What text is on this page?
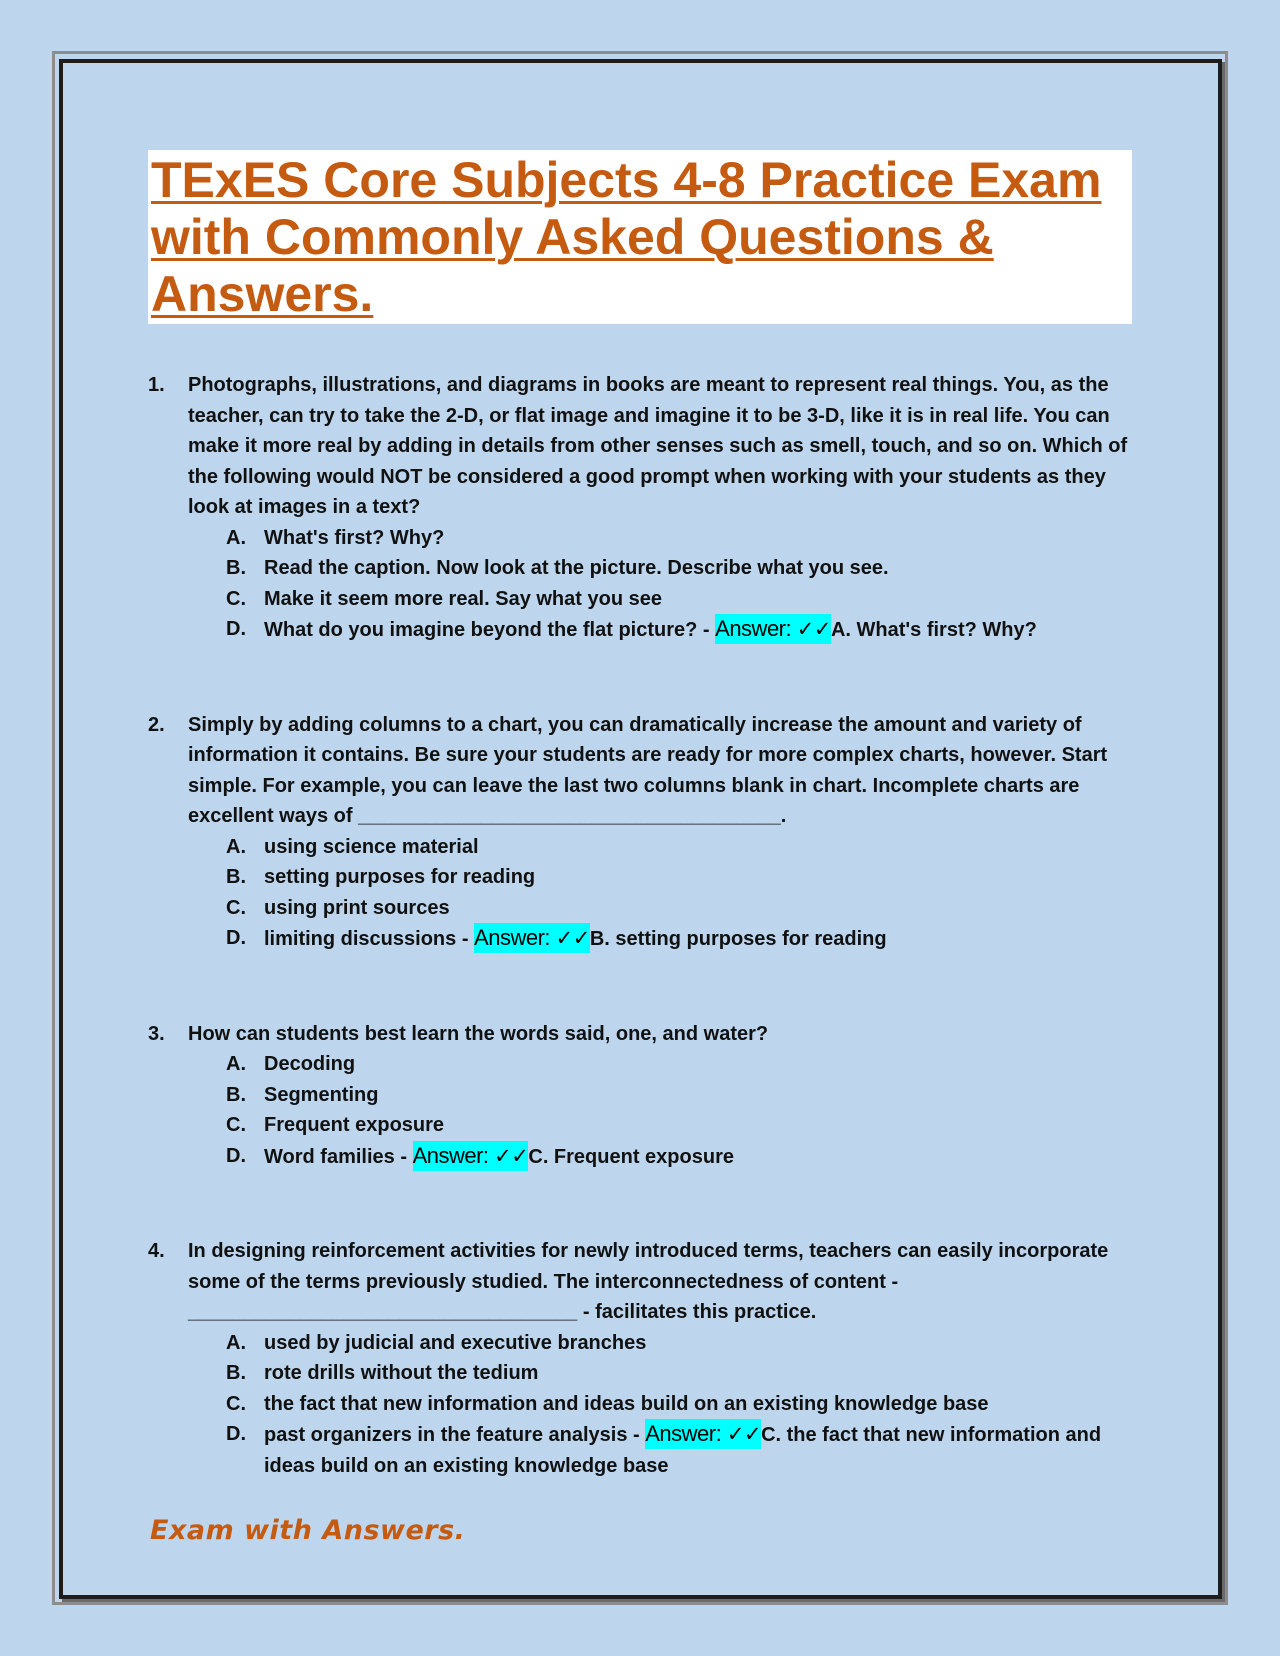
TExES Core Subjects 4-8 Practice Exam with Commonly Asked Questions & Answers.
1.	Photographs, illustrations, and diagrams in books are meant to represent real things. You, as the teacher, can try to take the 2-D, or flat image and imagine it to be 3-D, like it is in real life. You can make it more real by adding in details from other senses such as smell, touch, and so on. Which of the following would NOT be considered a good prompt when working with your students as they look at images in a text?

A. What's first? Why?
B. Read the caption. Now look at the picture. Describe what you see.
C. Make it seem more real. Say what you see
D. What do you imagine beyond the flat picture? - Answer: ✓✓A. What's first? Why?
2.	Simply by adding columns to a chart, you can dramatically increase the amount and variety of information it contains. Be sure your students are ready for more complex charts, however. Start simple. For example, you can leave the last two columns blank in chart. Incomplete charts are excellent ways of ______________________________________.

A. using science material
B. setting purposes for reading
C. using print sources
D. limiting discussions - Answer: ✓✓B. setting purposes for reading
3.	How can students best learn the words said, one, and water?

A. Decoding
B. Segmenting
C. Frequent exposure
D. Word families - Answer: ✓✓C. Frequent exposure
4.	In designing reinforcement activities for newly introduced terms, teachers can easily incorporate some of the terms previously studied. The interconnectedness of content - ___________________________________ - facilitates this practice.

A. used by judicial and executive branches
B. rote drills without the tedium
C. the fact that new information and ideas build on an existing knowledge base
D. past organizers in the feature analysis - Answer: ✓✓C. the fact that new information and ideas build on an existing knowledge base
Exam with Answers.
